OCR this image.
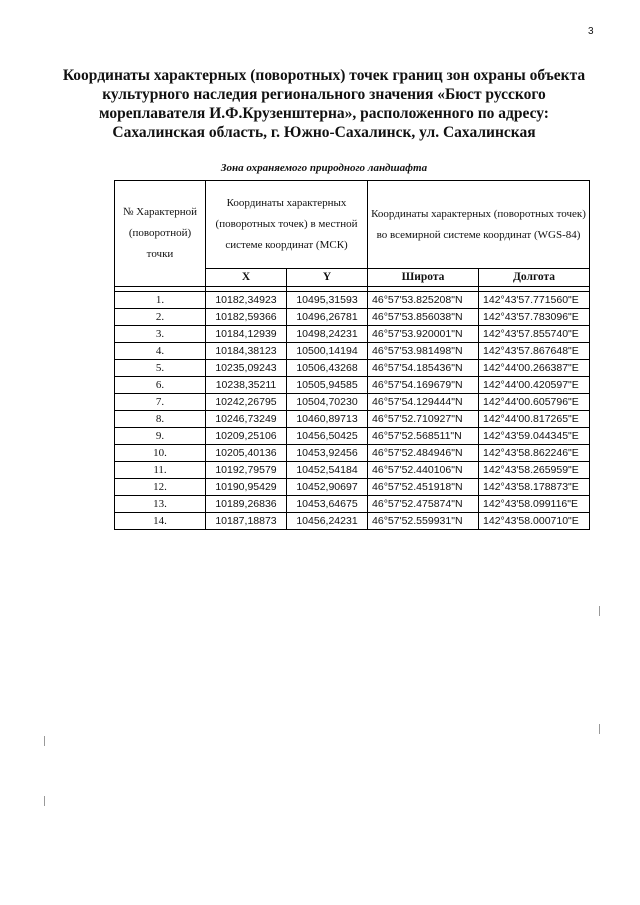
3
Координаты характерных (поворотных) точек границ зон охраны объекта
культурного наследия регионального значения «Бюст русского
мореплавателя И.Ф.Крузенштерна», расположенного по адресу:
Сахалинская область, г. Южно-Сахалинск, ул. Сахалинская
Зона охраняемого природного ландшафта
№ Характерной (поворотной) точки	Координаты характерных (поворотных точек) в местной системе координат (МСК)		Координаты характерных (поворотных точек) во всемирной системе координат (WGS-84)	
	X	Y	Широта	Долгота

1.	10182,34923	10495,31593	46°57'53.825208"N	142°43'57.771560"E
2.	10182,59366	10496,26781	46°57'53.856038"N	142°43'57.783096"E
3.	10184,12939	10498,24231	46°57'53.920001"N	142°43'57.855740"E
4.	10184,38123	10500,14194	46°57'53.981498"N	142°43'57.867648"E
5.	10235,09243	10506,43268	46°57'54.185436"N	142°44'00.266387"E
6.	10238,35211	10505,94585	46°57'54.169679"N	142°44'00.420597"E
7.	10242,26795	10504,70230	46°57'54.129444"N	142°44'00.605796"E
8.	10246,73249	10460,89713	46°57'52.710927"N	142°44'00.817265"E
9.	10209,25106	10456,50425	46°57'52.568511"N	142°43'59.044345"E
10.	10205,40136	10453,92456	46°57'52.484946"N	142°43'58.862246"E
11.	10192,79579	10452,54184	46°57'52.440106"N	142°43'58.265959"E
12.	10190,95429	10452,90697	46°57'52.451918"N	142°43'58.178873"E
13.	10189,26836	10453,64675	46°57'52.475874"N	142°43'58.099116"E
14.	10187,18873	10456,24231	46°57'52.559931"N	142°43'58.000710"E
